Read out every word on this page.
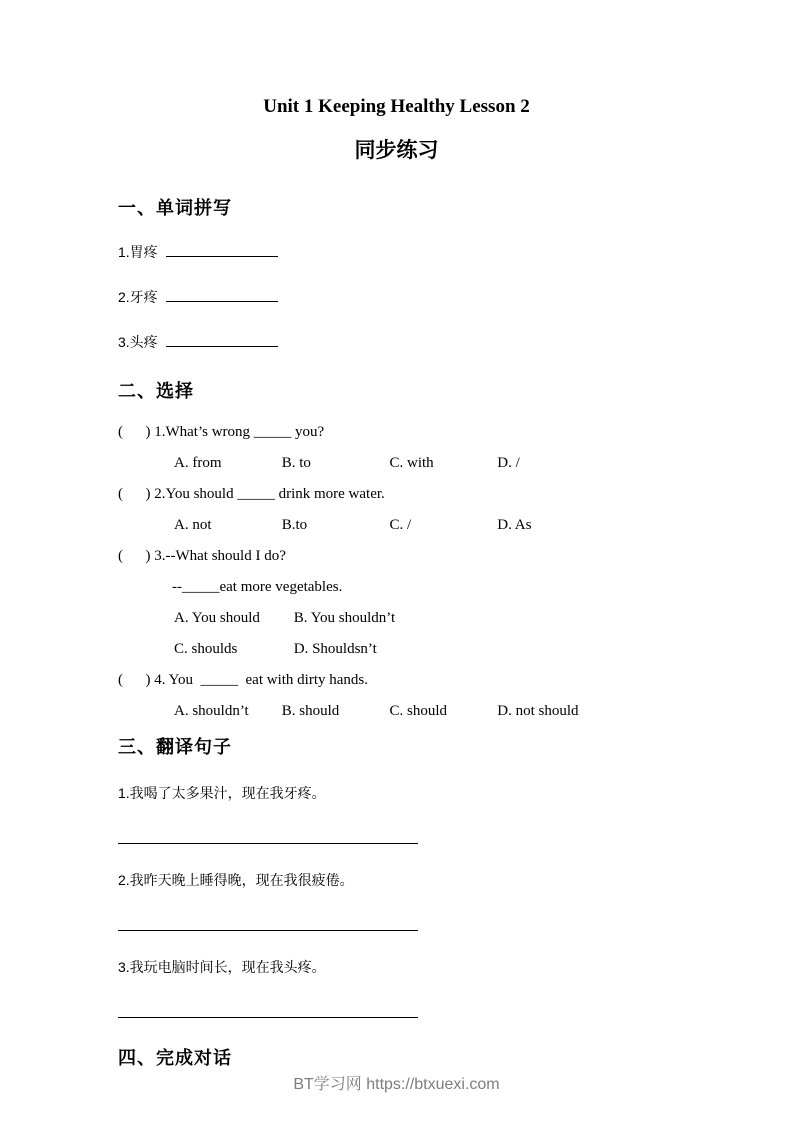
Unit 1 Keeping Healthy Lesson 2
同步练习
一、单词拼写
1.胃疼
2.牙疼
3.头疼
二、选择
(      ) 1.What’s wrong _____ you?
A. from	B. to	C. with	D. /
(      ) 2.You should _____ drink more water.
A. not	B.to	C. /	D. As
(      ) 3.--What should I do?
--_____eat more vegetables.
A. You should B. You shouldn’t
C. shoulds	D. Shouldsn’t
(      ) 4. You  _____  eat with dirty hands.
A. shouldn’t B. should	C. should	D. not should
三、翻译句子

1.我喝了太多果汁，现在我牙疼。

2.我昨天晚上睡得晚，现在我很疲倦。

3.我玩电脑时间长，现在我头疼。

四、完成对话
BT学习网 https://btxuexi.com
